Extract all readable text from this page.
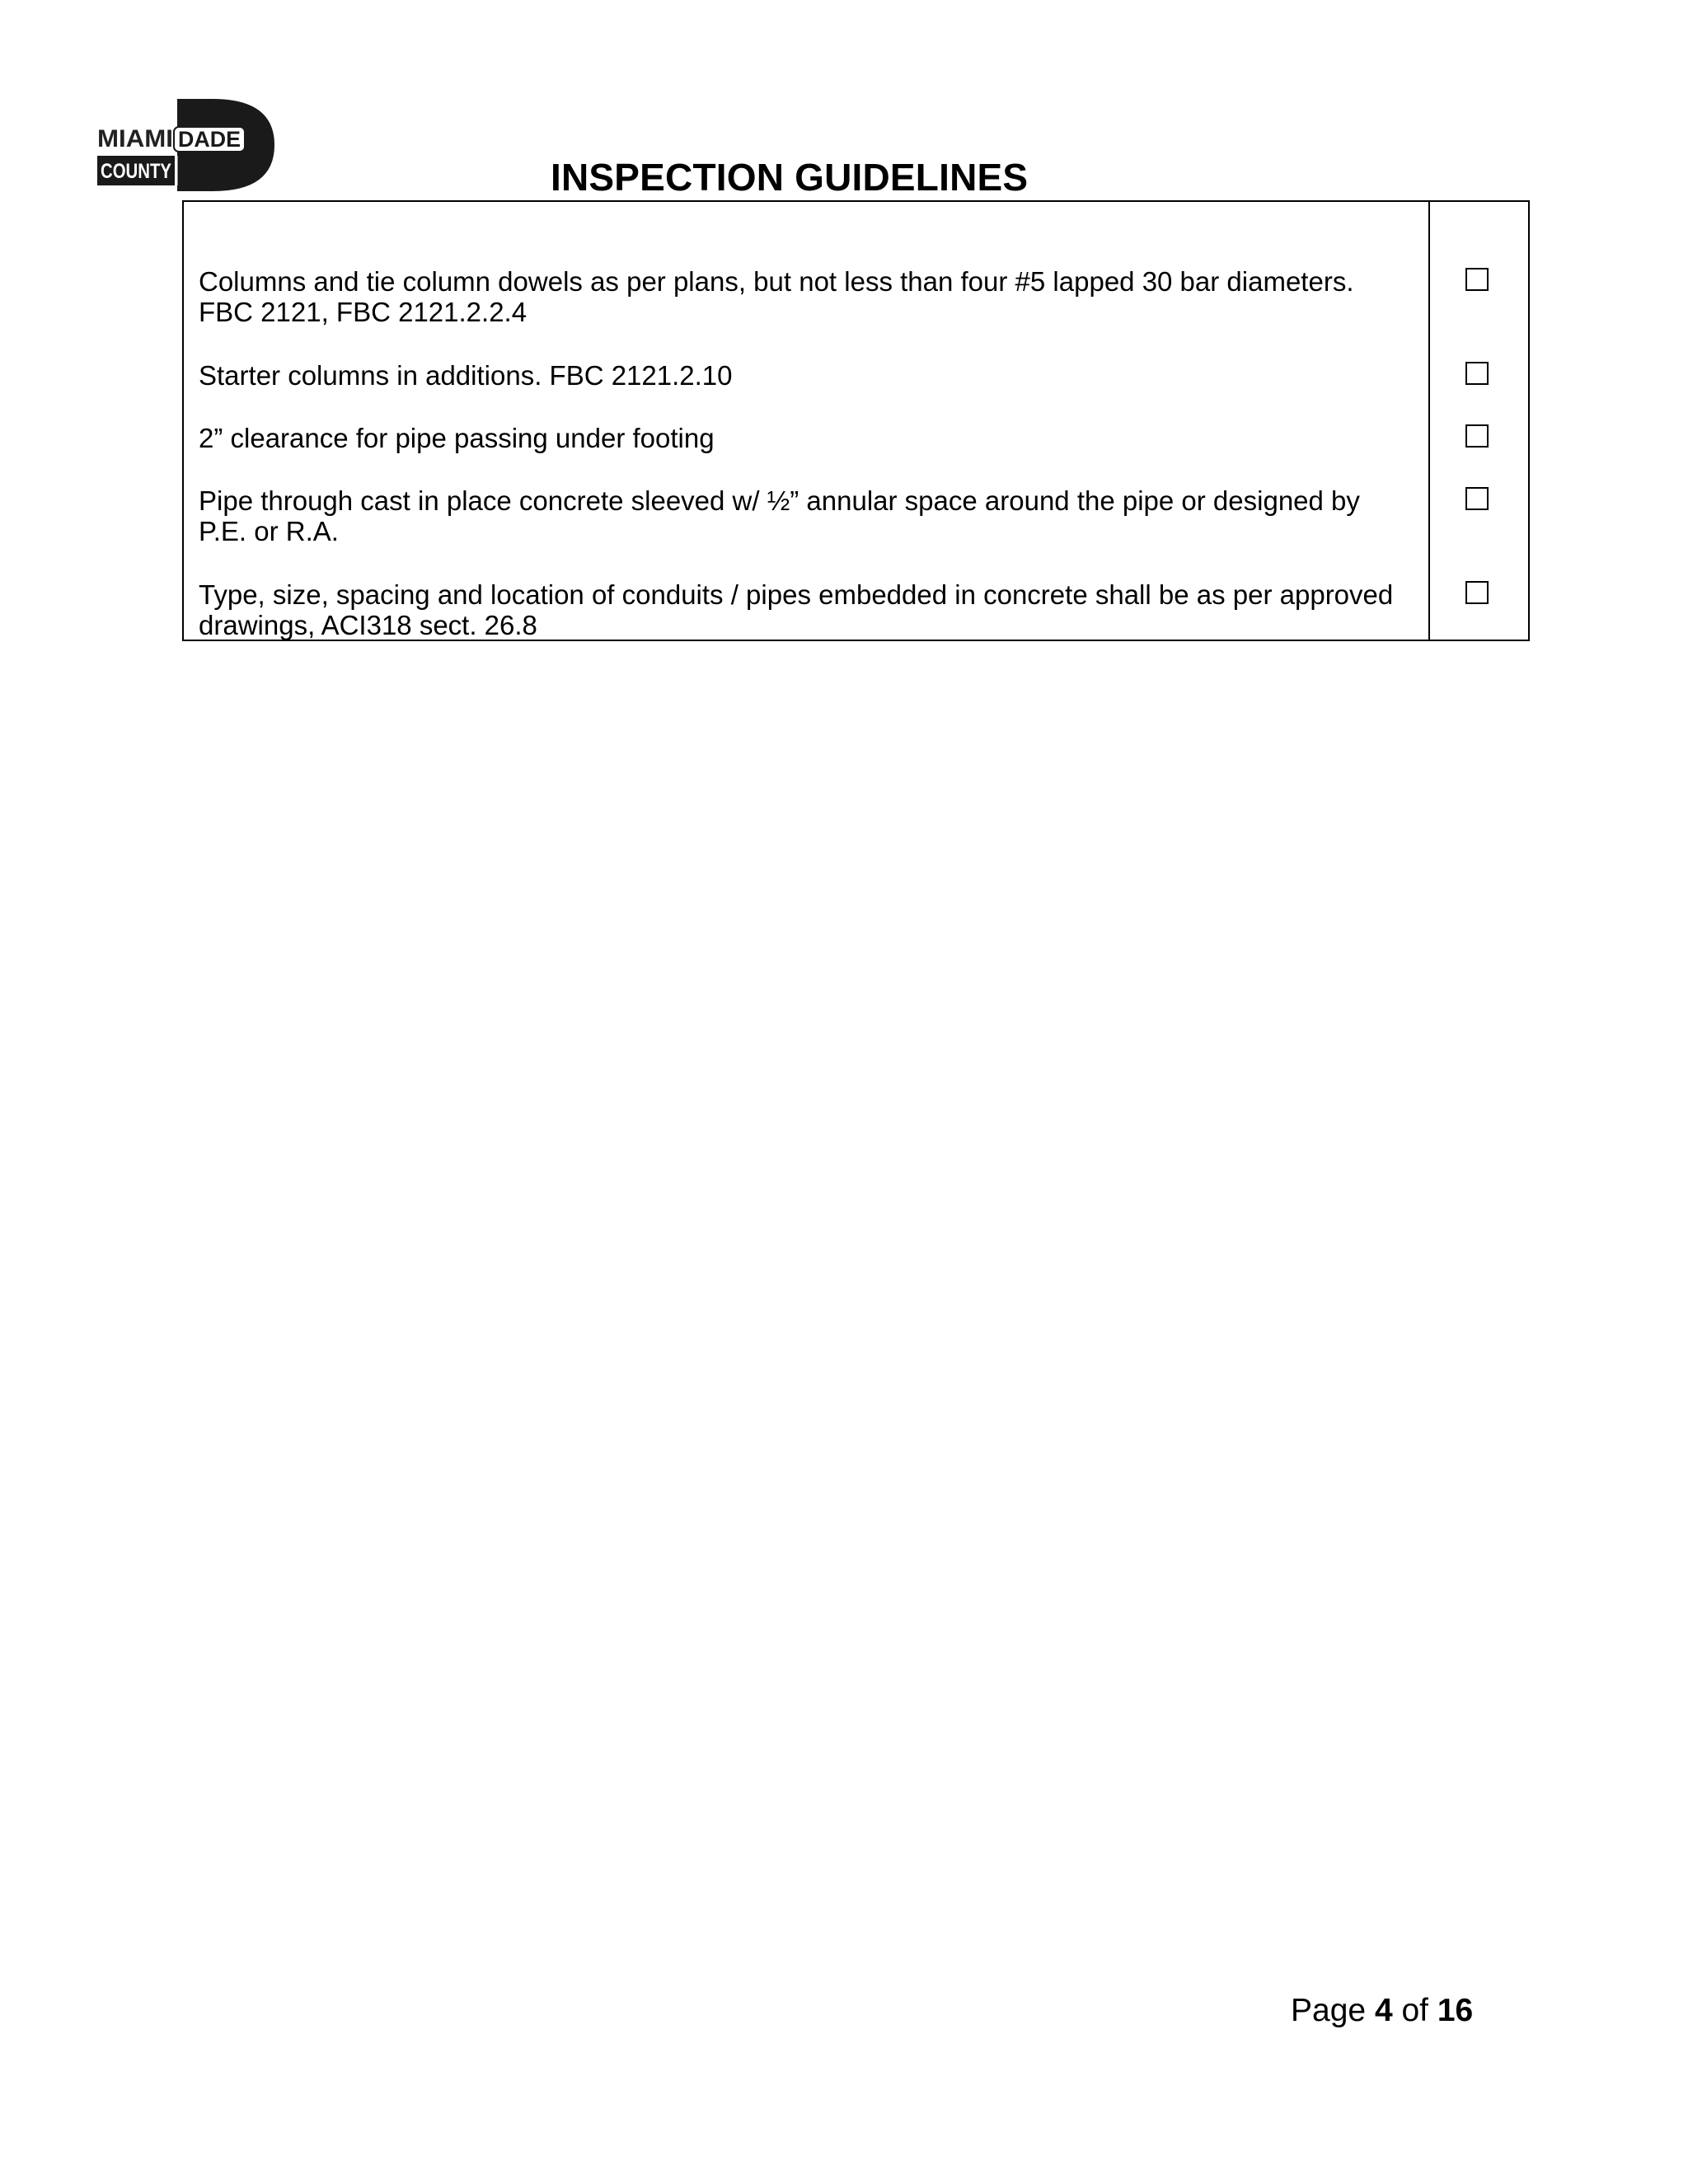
MIAMI DADE
COUNTY	INSPECTION GUIDELINES
Columns and tie column dowels as per plans, but not less than four #5 lapped 30 bar diameters.
FBC 2121, FBC 2121.2.2.4
Starter columns in additions. FBC 2121.2.10
2” clearance for pipe passing under footing
Pipe through cast in place concrete sleeved w/ ½” annular space around the pipe or designed by
P.E. or R.A.
Type, size, spacing and location of conduits / pipes embedded in concrete shall be as per approved
drawings, ACI318 sect. 26.8
Page 4 of 16
